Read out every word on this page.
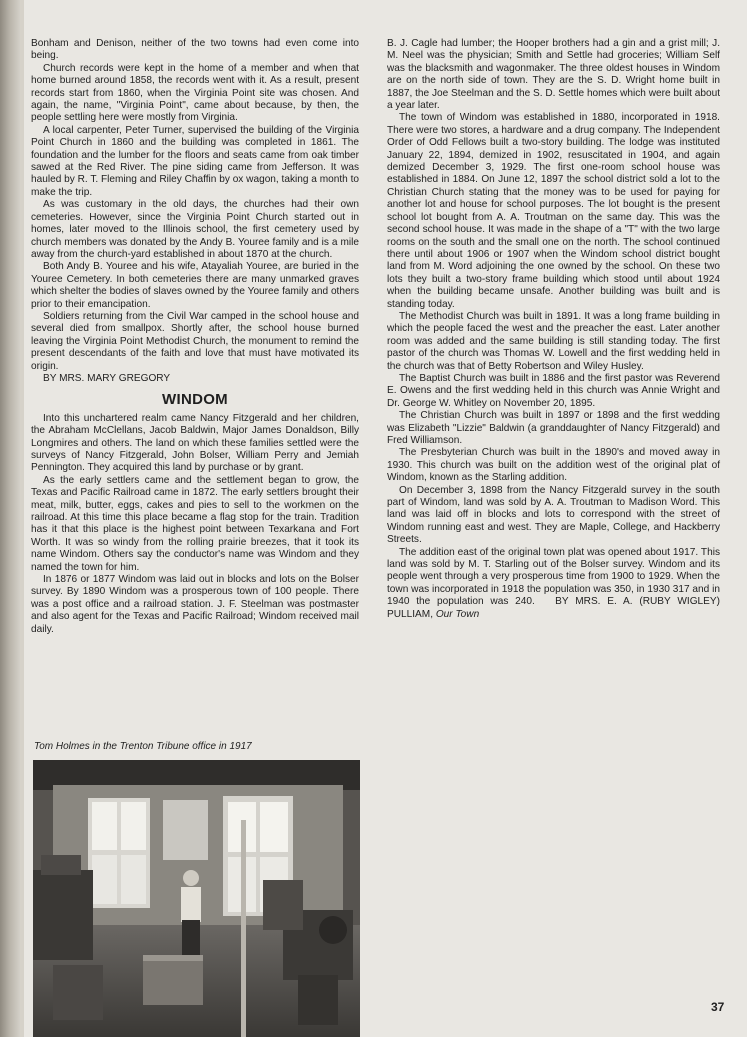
Bonham and Denison, neither of the two towns had even come into being.

Church records were kept in the home of a member and when that home burned around 1858, the records went with it. As a result, present records start from 1860, when the Virginia Point site was chosen. And again, the name, "Virginia Point", came about because, by then, the people settling here were mostly from Virginia.

A local carpenter, Peter Turner, supervised the building of the Virginia Point Church in 1860 and the building was completed in 1861. The foundation and the lumber for the floors and seats came from oak timber sawed at the Red River. The pine siding came from Jefferson. It was hauled by R. T. Fleming and Riley Chaffin by ox wagon, taking a month to make the trip.

As was customary in the old days, the churches had their own cemeteries. However, since the Virginia Point Church started out in homes, later moved to the Illinois school, the first cemetery used by church members was donated by the Andy B. Youree family and is a mile away from the church-yard established in about 1870 at the church.

Both Andy B. Youree and his wife, Atayaliah Youree, are buried in the Youree Cemetery. In both cemeteries there are many unmarked graves which shelter the bodies of slaves owned by the Youree family and others prior to their emancipation.

Soldiers returning from the Civil War camped in the school house and several died from smallpox. Shortly after, the school house burned leaving the Virginia Point Methodist Church, the monument to remind the present descendants of the faith and love that must have motivated its origin.

BY MRS. MARY GREGORY

WINDOM

Into this unchartered realm came Nancy Fitzgerald and her children, the Abraham McClellans, Jacob Baldwin, Major James Donaldson, Billy Longmires and others. The land on which these families settled were the surveys of Nancy Fitzgerald, John Bolser, William Perry and Jemiah Pennington. They acquired this land by purchase or by grant.

As the early settlers came and the settlement began to grow, the Texas and Pacific Railroad came in 1872. The early settlers brought their meat, milk, butter, eggs, cakes and pies to sell to the workmen on the railroad. At this time this place became a flag stop for the train. Tradition has it that this place is the highest point between Texarkana and Fort Worth. It was so windy from the rolling prairie breezes, that it took its name Windom. Others say the conductor's name was Windom and they named the town for him.

In 1876 or 1877 Windom was laid out in blocks and lots on the Bolser survey. By 1890 Windom was a prosperous town of 100 people. There was a post office and a railroad station. J. F. Steelman was postmaster and also agent for the Texas and Pacific Railroad; Windom received mail daily.

B. J. Cagle had lumber; the Hooper brothers had a gin and a grist mill; J. M. Neel was the physician; Smith and Settle had groceries; William Self was the blacksmith and wagonmaker. The three oldest houses in Windom are on the north side of town. They are the S. D. Wright home built in 1887, the Joe Steelman and the S. D. Settle homes which were built about a year later.

The town of Windom was established in 1880, incorporated in 1918. There were two stores, a hardware and a drug company. The Independent Order of Odd Fellows built a two-story building. The lodge was instituted January 22, 1894, demized in 1902, resuscitated in 1904, and again demized December 3, 1929. The first one-room school house was established in 1884. On June 12, 1897 the school district sold a lot to the Christian Church stating that the money was to be used for paying for another lot and house for school purposes. The lot bought is the present school lot bought from A. A. Troutman on the same day. This was the second school house. It was made in the shape of a "T" with the two large rooms on the south and the small one on the north. The school continued there until about 1906 or 1907 when the Windom school district bought land from M. Word adjoining the one owned by the school. On these two lots they built a two-story frame building which stood until about 1924 when the building became unsafe. Another building was built and is standing today.

The Methodist Church was built in 1891. It was a long frame building in which the people faced the west and the preacher the east. Later another room was added and the same building is still standing today. The first pastor of the church was Thomas W. Lowell and the first wedding held in the church was that of Betty Robertson and Wiley Husley.

The Baptist Church was built in 1886 and the first pastor was Reverend E. Owens and the first wedding held in this church was Annie Wright and Dr. George W. Whitley on November 20, 1895.

The Christian Church was built in 1897 or 1898 and the first wedding was Elizabeth "Lizzie" Baldwin (a granddaughter of Nancy Fitzgerald) and Fred Williamson.

The Presbyterian Church was built in the 1890's and moved away in 1930. This church was built on the addition west of the original plat of Windom, known as the Starling addition.

On December 3, 1898 from the Nancy Fitzgerald survey in the south part of Windom, land was sold by A. A. Troutman to Madison Word. This land was laid off in blocks and lots to correspond with the street of Windom running east and west. They are Maple, College, and Hackberry Streets.

The addition east of the original town plat was opened about 1917. This land was sold by M. T. Starling out of the Bolser survey. Windom and its people went through a very prosperous time from 1900 to 1929. When the town was incorporated in 1918 the population was 350, in 1930 317 and in 1940 the population was 240. BY MRS. E. A. (RUBY WIGLEY) PULLIAM, Our Town

Tom Holmes in the Trenton Tribune office in 1917
37
